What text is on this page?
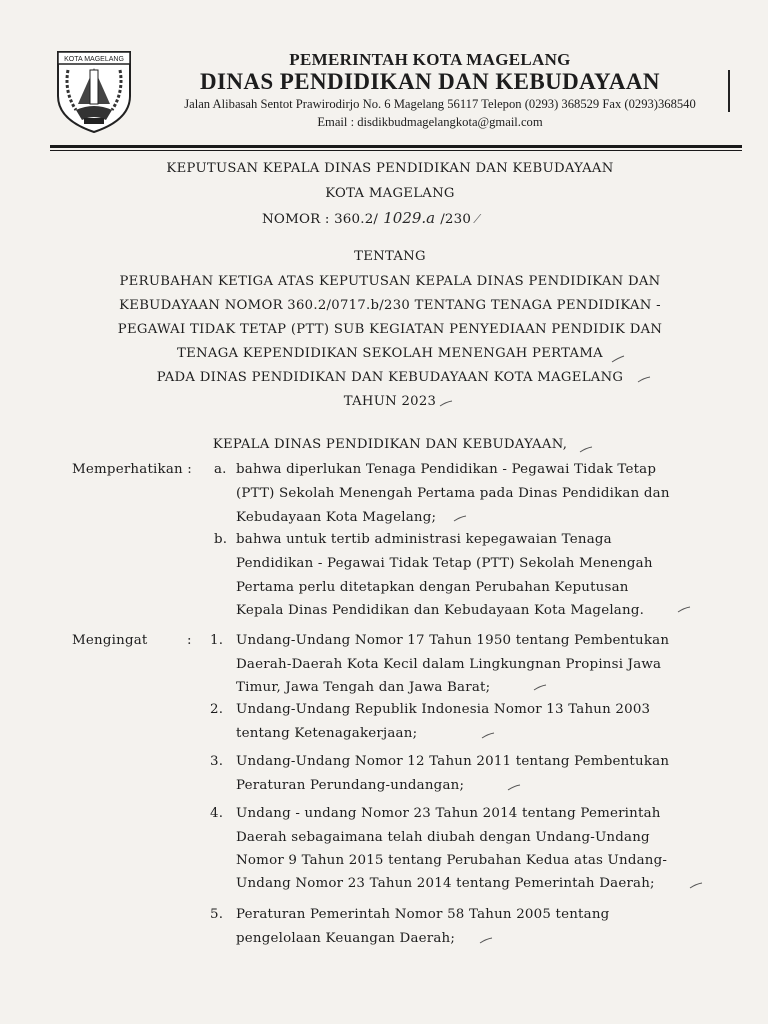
KOTA MAGELANG	PEMERINTAH KOTA MAGELANG
DINAS PENDIDIKAN DAN KEBUDAYAAN
Jalan Alibasah Sentot Prawirodirjo No. 6 Magelang 56117 Telepon (0293) 368529 Fax (0293)368540
Email : disdikbudmagelangkota@gmail.com
KEPUTUSAN KEPALA DINAS PENDIDIKAN DAN KEBUDAYAAN
KOTA MAGELANG
NOMOR : 360.2/ 1029.a /230 ⁄
TENTANG
PERUBAHAN KETIGA ATAS KEPUTUSAN KEPALA DINAS PENDIDIKAN DAN
KEBUDAYAAN NOMOR 360.2/0717.b/230 TENTANG TENAGA PENDIDIKAN -
PEGAWAI TIDAK TETAP (PTT) SUB KEGIATAN PENYEDIAAN PENDIDIK DAN
TENAGA KEPENDIDIKAN SEKOLAH MENENGAH PERTAMA
PADA DINAS PENDIDIKAN DAN KEBUDAYAAN KOTA MAGELANG
TAHUN 2023
KEPALA DINAS PENDIDIKAN DAN KEBUDAYAAN,
Memperhatikan : a. bahwa diperlukan Tenaga Pendidikan - Pegawai Tidak Tetap
(PTT) Sekolah Menengah Pertama pada Dinas Pendidikan dan
Kebudayaan Kota Magelang;
b. bahwa untuk tertib administrasi kepegawaian Tenaga
Pendidikan - Pegawai Tidak Tetap (PTT) Sekolah Menengah
Pertama perlu ditetapkan dengan Perubahan Keputusan
Kepala Dinas Pendidikan dan Kebudayaan Kota Magelang.
Mengingat	: 1. Undang-Undang Nomor 17 Tahun 1950 tentang Pembentukan
Daerah-Daerah Kota Kecil dalam Lingkungnan Propinsi Jawa
Timur, Jawa Tengah dan Jawa Barat;
2. Undang-Undang Republik Indonesia Nomor 13 Tahun 2003
tentang Ketenagakerjaan;
3. Undang-Undang Nomor 12 Tahun 2011 tentang Pembentukan
Peraturan Perundang-undangan;
4. Undang - undang Nomor 23 Tahun 2014 tentang Pemerintah
Daerah sebagaimana telah diubah dengan Undang-Undang
Nomor 9 Tahun 2015 tentang Perubahan Kedua atas Undang-
Undang Nomor 23 Tahun 2014 tentang Pemerintah Daerah;
5. Peraturan Pemerintah Nomor 58 Tahun 2005 tentang
pengelolaan Keuangan Daerah;
